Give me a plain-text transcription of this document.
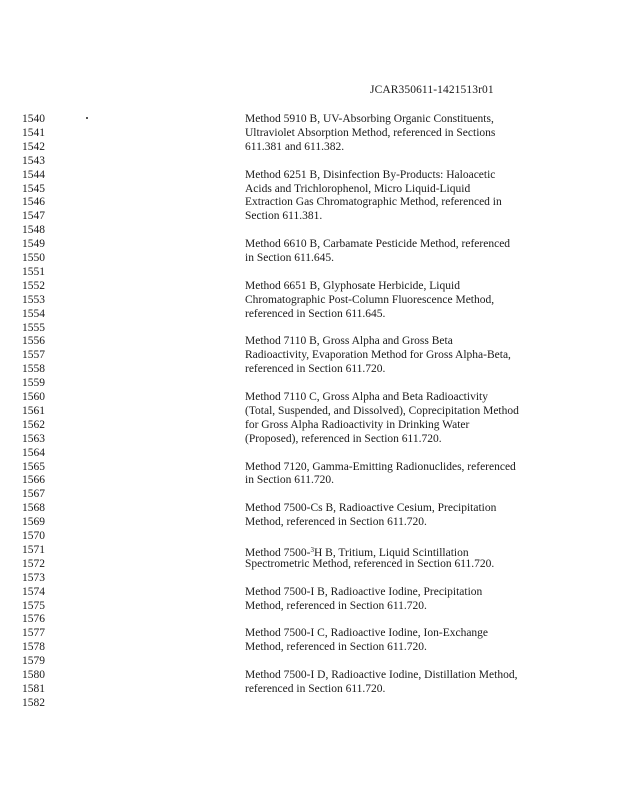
JCAR350611-1421513r01
1540
1541
1542
1543
1544
1545
1546
1547
1548
1549
1550
1551
1552
1553
1554
1555
1556
1557
1558
1559
1560
1561
1562
1563
1564
1565
1566
1567
1568
1569
1570
1571
1572
1573
1574
1575
1576
1577
1578
1579
1580
1581
1582
Method 5910 B, UV-Absorbing Organic Constituents,
Ultraviolet Absorption Method, referenced in Sections
611.381 and 611.382.
Method 6251 B, Disinfection By-Products: Haloacetic
Acids and Trichlorophenol, Micro Liquid-Liquid
Extraction Gas Chromatographic Method, referenced in
Section 611.381.
Method 6610 B, Carbamate Pesticide Method, referenced
in Section 611.645.
Method 6651 B, Glyphosate Herbicide, Liquid
Chromatographic Post-Column Fluorescence Method,
referenced in Section 611.645.
Method 7110 B, Gross Alpha and Gross Beta
Radioactivity, Evaporation Method for Gross Alpha-Beta,
referenced in Section 611.720.
Method 7110 C, Gross Alpha and Beta Radioactivity
(Total, Suspended, and Dissolved), Coprecipitation Method
for Gross Alpha Radioactivity in Drinking Water
(Proposed), referenced in Section 611.720.
Method 7120, Gamma-Emitting Radionuclides, referenced
in Section 611.720.
Method 7500-Cs B, Radioactive Cesium, Precipitation
Method, referenced in Section 611.720.
Method 7500-$^3$H B, Tritium, Liquid Scintillation
Spectrometric Method, referenced in Section 611.720.
Method 7500-I B, Radioactive Iodine, Precipitation
Method, referenced in Section 611.720.
Method 7500-I C, Radioactive Iodine, Ion-Exchange
Method, referenced in Section 611.720.
Method 7500-I D, Radioactive Iodine, Distillation Method,
referenced in Section 611.720.
